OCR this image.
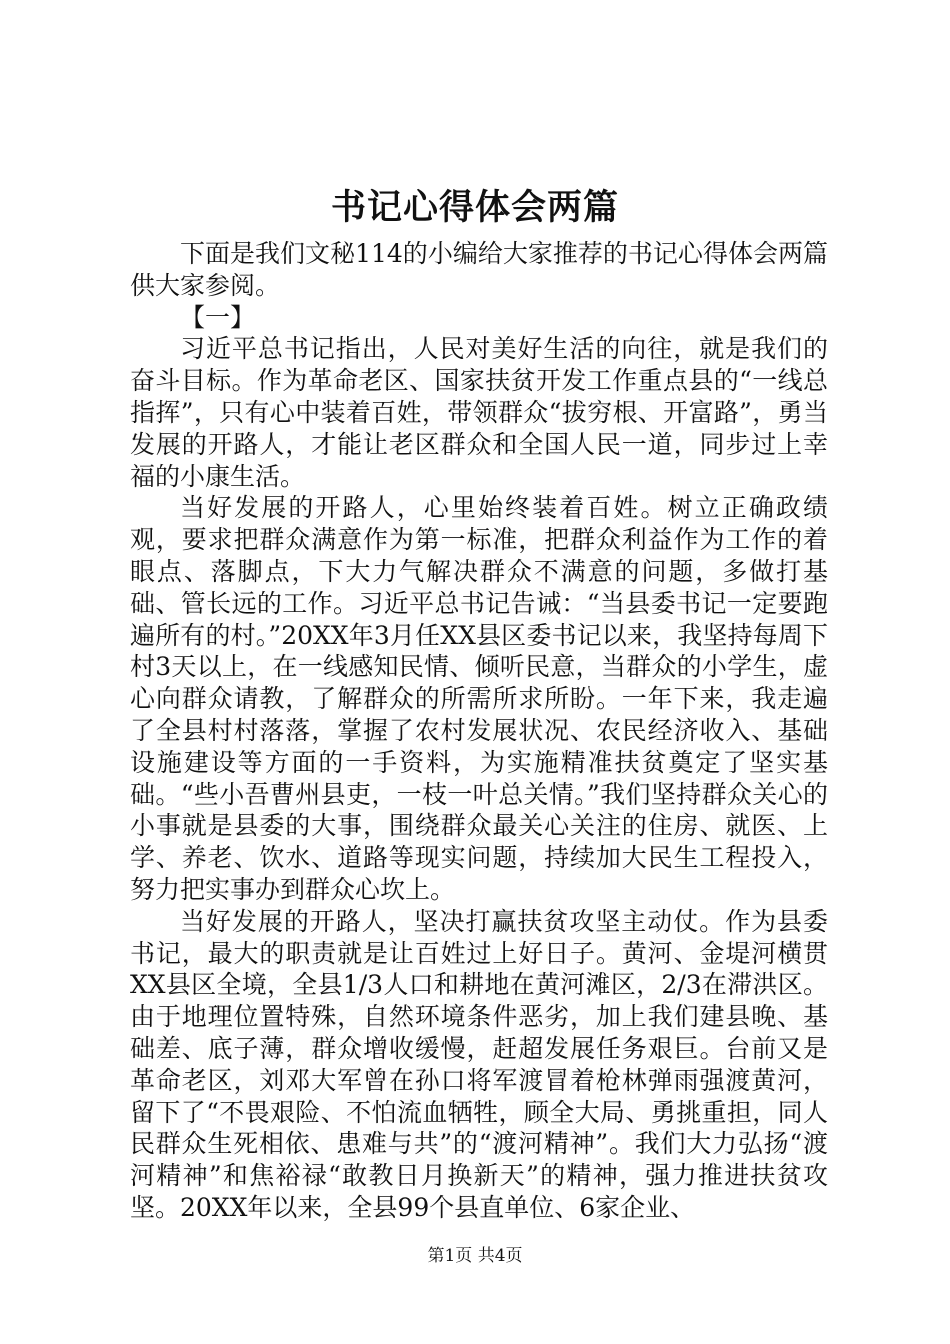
书记心得体会两篇

下面是我们文秘114的小编给大家推荐的书记心得体会两篇供大家参阅。

【一】

习近平总书记指出，人民对美好生活的向往，就是我们的奋斗目标。作为革命老区、国家扶贫开发工作重点县的“一线总指挥”，只有心中装着百姓，带领群众“拔穷根、开富路”，勇当发展的开路人，才能让老区群众和全国人民一道，同步过上幸福的小康生活。

当好发展的开路人，心里始终装着百姓。树立正确政绩观，要求把群众满意作为第一标准，把群众利益作为工作的着眼点、落脚点，下大力气解决群众不满意的问题，多做打基础、管长远的工作。习近平总书记告诫：“当县委书记一定要跑遍所有的村。”20XX年3月任XX县区委书记以来，我坚持每周下村3天以上，在一线感知民情、倾听民意，当群众的小学生，虚心向群众请教，了解群众的所需所求所盼。一年下来，我走遍了全县村村落落，掌握了农村发展状况、农民经济收入、基础设施建设等方面的一手资料，为实施精准扶贫奠定了坚实基础。“些小吾曹州县吏，一枝一叶总关情。”我们坚持群众关心的小事就是县委的大事，围绕群众最关心关注的住房、就医、上学、养老、饮水、道路等现实问题，持续加大民生工程投入，努力把实事办到群众心坎上。

当好发展的开路人，坚决打赢扶贫攻坚主动仗。作为县委书记，最大的职责就是让百姓过上好日子。黄河、金堤河横贯XX县区全境，全县1/3人口和耕地在黄河滩区，2/3在滞洪区。由于地理位置特殊，自然环境条件恶劣，加上我们建县晚、基础差、底子薄，群众增收缓慢，赶超发展任务艰巨。台前又是革命老区，刘邓大军曾在孙口将军渡冒着枪林弹雨强渡黄河，留下了“不畏艰险、不怕流血牺牲，顾全大局、勇挑重担，同人民群众生死相依、患难与共”的“渡河精神”。我们大力弘扬“渡河精神”和焦裕禄“敢教日月换新天”的精神，强力推进扶贫攻坚。20XX年以来，全县99个县直单位、6家企业、

第1页 共4页
